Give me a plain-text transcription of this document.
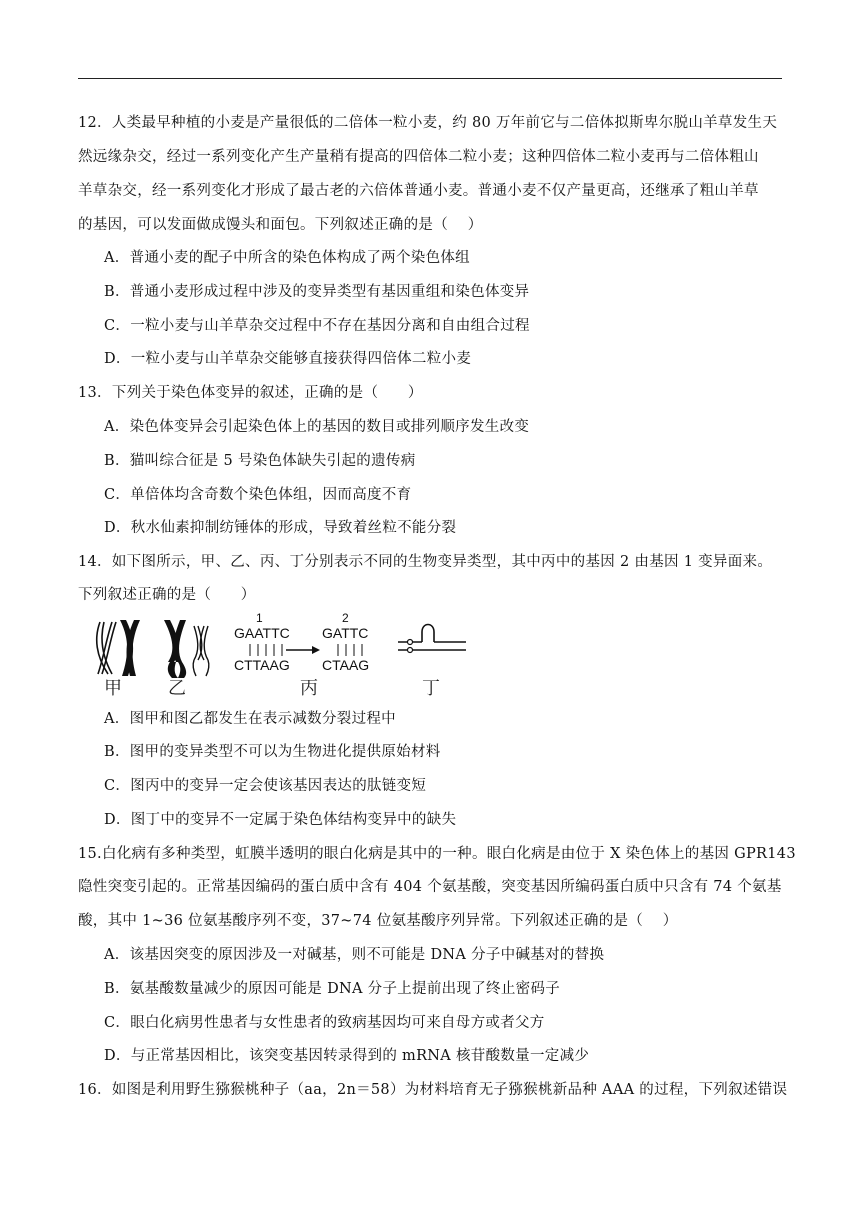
12．人类最早种植的小麦是产量很低的二倍体一粒小麦，约 80 万年前它与二倍体拟斯卑尔脱山羊草发生天
然远缘杂交，经过一系列变化产生产量稍有提高的四倍体二粒小麦；这种四倍体二粒小麦再与二倍体粗山
羊草杂交，经一系列变化才形成了最古老的六倍体普通小麦。普通小麦不仅产量更高，还继承了粗山羊草
的基因，可以发面做成馒头和面包。下列叙述正确的是（　 ）
A．普通小麦的配子中所含的染色体构成了两个染色体组
B．普通小麦形成过程中涉及的变异类型有基因重组和染色体变异
C．一粒小麦与山羊草杂交过程中不存在基因分离和自由组合过程
D．一粒小麦与山羊草杂交能够直接获得四倍体二粒小麦
13．下列关于染色体变异的叙述，正确的是（　　）
A．染色体变异会引起染色体上的基因的数目或排列顺序发生改变
B．猫叫综合征是 5 号染色体缺失引起的遗传病
C．单倍体均含奇数个染色体组，因而高度不育
D．秋水仙素抑制纺锤体的形成，导致着丝粒不能分裂
14．如下图所示，甲、乙、丙、丁分别表示不同的生物变异类型，其中丙中的基因 2 由基因 1 变异面来。
下列叙述正确的是（　　）
1
GAATTC
CTTAAG
2
GATTC
CTAAG
甲	乙	丙	丁
A．图甲和图乙都发生在表示减数分裂过程中
B．图甲的变异类型不可以为生物进化提供原始材料
C．图丙中的变异一定会使该基因表达的肽链变短
D．图丁中的变异不一定属于染色体结构变异中的缺失
15.白化病有多种类型，虹膜半透明的眼白化病是其中的一种。眼白化病是由位于 X 染色体上的基因 GPR143
隐性突变引起的。正常基因编码的蛋白质中含有 404 个氨基酸，突变基因所编码蛋白质中只含有 74 个氨基
酸，其中 1~36 位氨基酸序列不变，37~74 位氨基酸序列异常。下列叙述正确的是（　 ）
A．该基因突变的原因涉及一对碱基，则不可能是 DNA 分子中碱基对的替换
B．氨基酸数量减少的原因可能是 DNA 分子上提前出现了终止密码子
C．眼白化病男性患者与女性患者的致病基因均可来自母方或者父方
D．与正常基因相比，该突变基因转录得到的 mRNA 核苷酸数量一定减少
16．如图是利用野生猕猴桃种子（aa，2n＝58）为材料培育无子猕猴桃新品种 AAA 的过程，下列叙述错误
